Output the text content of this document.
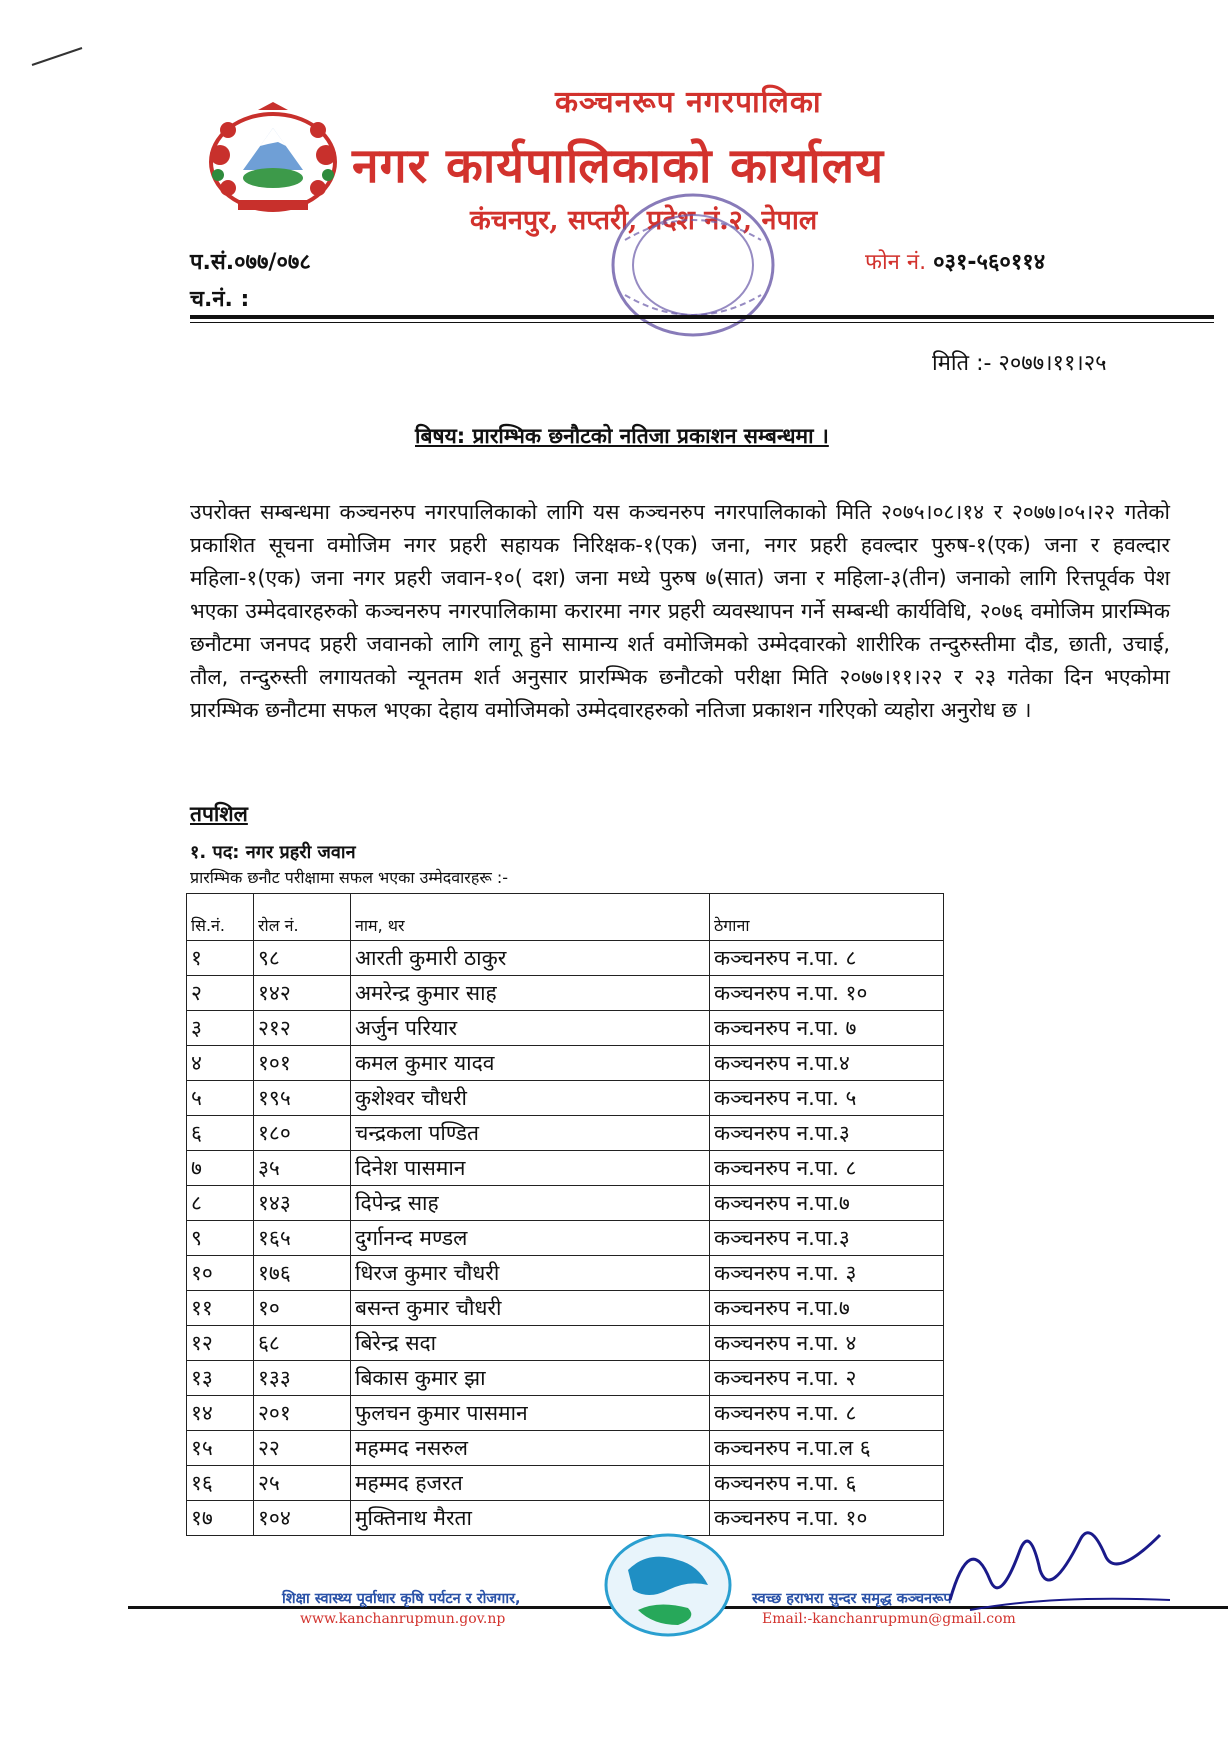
कञ्चनरूप नगरपालिका
नगर कार्यपालिकाको कार्यालय
कंचनपुर, सप्तरी, प्रदेश नं.२, नेपाल
प.सं.०७७/०७८
च.नं. :
फोन नं. ०३१-५६०११४
मिति :- २०७७।११।२५
बिषय: प्रारम्भिक छनौटको नतिजा प्रकाशन सम्बन्धमा ।
उपरोक्त सम्बन्धमा कञ्चनरुप नगरपालिकाको लागि यस कञ्चनरुप नगरपालिकाको मिति २०७५।०८।१४ र २०७७।०५।२२ गतेको प्रकाशित सूचना वमोजिम नगर प्रहरी सहायक निरिक्षक-१(एक) जना, नगर प्रहरी हवल्दार पुरुष-१(एक) जना र हवल्दार महिला-१(एक) जना नगर प्रहरी जवान-१०( दश) जना मध्ये पुरुष ७(सात) जना र महिला-३(तीन) जनाको लागि रित्तपूर्वक पेश भएका उम्मेदवारहरुको कञ्चनरुप नगरपालिकामा करारमा नगर प्रहरी व्यवस्थापन गर्ने सम्बन्धी कार्यविधि, २०७६ वमोजिम प्रारम्भिक छनौटमा जनपद प्रहरी जवानको लागि लागू हुने सामान्य शर्त वमोजिमको उम्मेदवारको शारीरिक तन्दुरुस्तीमा दौड, छाती, उचाई, तौल, तन्दुरुस्ती लगायतको न्यूनतम शर्त अनुसार प्रारम्भिक छनौटको परीक्षा मिति २०७७।११।२२ र २३ गतेका दिन भएकोमा प्रारम्भिक छनौटमा सफल भएका देहाय वमोजिमको उम्मेदवारहरुको नतिजा प्रकाशन गरिएको व्यहोरा अनुरोध छ ।
तपशिल
१. पद: नगर प्रहरी जवान
प्रारम्भिक छनौट परीक्षामा सफल भएका उम्मेदवारहरू :-
सि.नं.	रोल नं.	नाम, थर	ठेगाना
१	९८	आरती कुमारी ठाकुर	कञ्चनरुप न.पा. ८
२	१४२	अमरेन्द्र कुमार साह	कञ्चनरुप न.पा. १०
३	२१२	अर्जुन परियार	कञ्चनरुप न.पा. ७
४	१०१	कमल कुमार यादव	कञ्चनरुप न.पा.४
५	१९५	कुशेश्वर चौधरी	कञ्चनरुप न.पा. ५
६	१८०	चन्द्रकला पण्डित	कञ्चनरुप न.पा.३
७	३५	दिनेश पासमान	कञ्चनरुप न.पा. ८
८	१४३	दिपेन्द्र साह	कञ्चनरुप न.पा.७
९	१६५	दुर्गानन्द मण्डल	कञ्चनरुप न.पा.३
१०	१७६	धिरज कुमार चौधरी	कञ्चनरुप न.पा. ३
११	१०	बसन्त कुमार चौधरी	कञ्चनरुप न.पा.७
१२	६८	बिरेन्द्र सदा	कञ्चनरुप न.पा. ४
१३	१३३	बिकास कुमार झा	कञ्चनरुप न.पा. २
१४	२०१	फुलचन कुमार पासमान	कञ्चनरुप न.पा. ८
१५	२२	महम्मद नसरुल	कञ्चनरुप न.पा.ल ६
१६	२५	महम्मद हजरत	कञ्चनरुप न.पा. ६
१७	१०४	मुक्तिनाथ मैरता	कञ्चनरुप न.पा. १०
शिक्षा स्वास्थ्य पूर्वाधार कृषि पर्यटन र रोजगार,	स्वच्छ हराभरा सुन्दर समृद्ध कञ्चनरूप
www.kanchanrupmun.gov.np	Email:-kanchanrupmun@gmail.com
